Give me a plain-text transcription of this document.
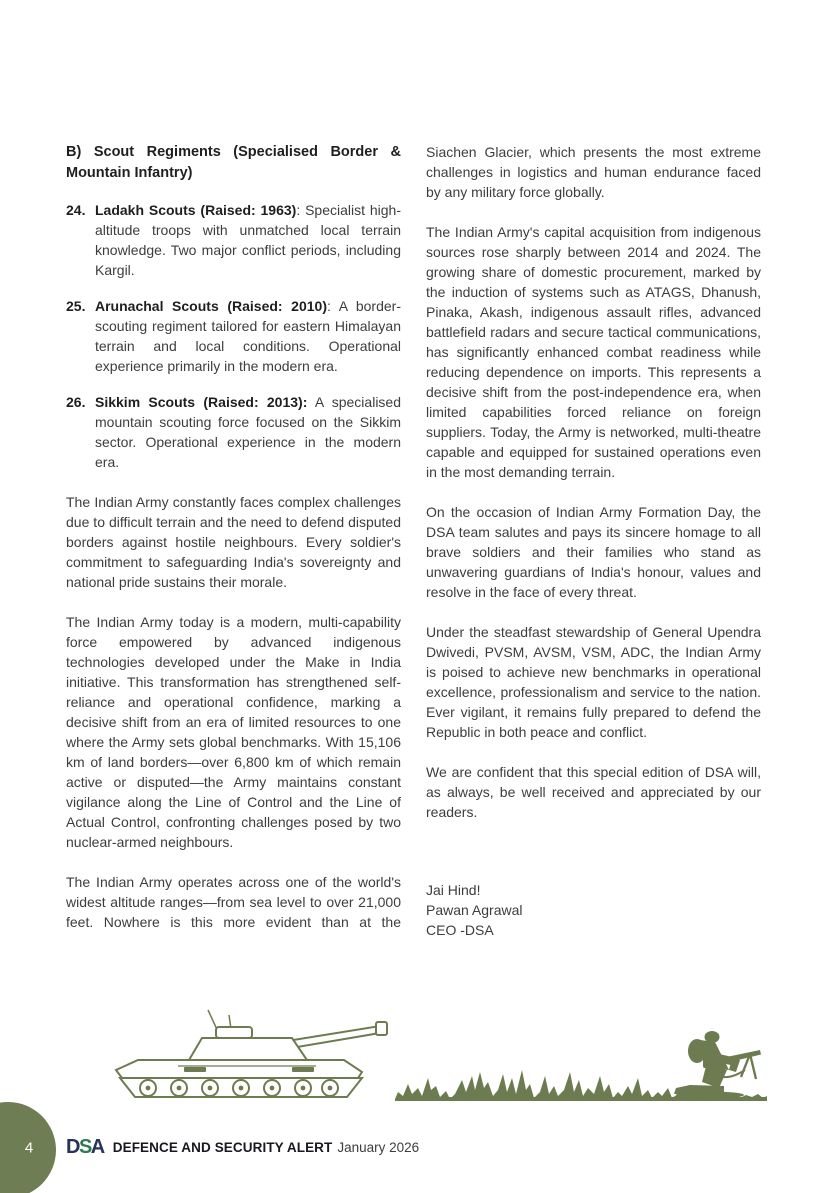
B) Scout Regiments (Specialised Border & Mountain Infantry)
24. Ladakh Scouts (Raised: 1963): Specialist high-altitude troops with unmatched local terrain knowledge. Two major conflict periods, including Kargil.
25. Arunachal Scouts (Raised: 2010): A border-scouting regiment tailored for eastern Himalayan terrain and local conditions. Operational experience primarily in the modern era.
26. Sikkim Scouts (Raised: 2013): A specialised mountain scouting force focused on the Sikkim sector. Operational experience in the modern era.

The Indian Army constantly faces complex challenges due to difficult terrain and the need to defend disputed borders against hostile neighbours. Every soldier's commitment to safeguarding India's sovereignty and national pride sustains their morale.

The Indian Army today is a modern, multi-capability force empowered by advanced indigenous technologies developed under the Make in India initiative. This transformation has strengthened self-reliance and operational confidence, marking a decisive shift from an era of limited resources to one where the Army sets global benchmarks. With 15,106 km of land borders—over 6,800 km of which remain active or disputed—the Army maintains constant vigilance along the Line of Control and the Line of Actual Control, confronting challenges posed by two nuclear-armed neighbours.

The Indian Army operates across one of the world's widest altitude ranges—from sea level to over 21,000 feet. Nowhere is this more evident than at the

Siachen Glacier, which presents the most extreme challenges in logistics and human endurance faced by any military force globally.

The Indian Army's capital acquisition from indigenous sources rose sharply between 2014 and 2024. The growing share of domestic procurement, marked by the induction of systems such as ATAGS, Dhanush, Pinaka, Akash, indigenous assault rifles, advanced battlefield radars and secure tactical communications, has significantly enhanced combat readiness while reducing dependence on imports. This represents a decisive shift from the post-independence era, when limited capabilities forced reliance on foreign suppliers. Today, the Army is networked, multi-theatre capable and equipped for sustained operations even in the most demanding terrain.

On the occasion of Indian Army Formation Day, the DSA team salutes and pays its sincere homage to all brave soldiers and their families who stand as unwavering guardians of India's honour, values and resolve in the face of every threat.

Under the steadfast stewardship of General Upendra Dwivedi, PVSM, AVSM, VSM, ADC, the Indian Army is poised to achieve new benchmarks in operational excellence, professionalism and service to the nation. Ever vigilant, it remains fully prepared to defend the Republic in both peace and conflict.

We are confident that this special edition of DSA will, as always, be well received and appreciated by our readers.

Jai Hind!

Pawan Agrawal

CEO -DSA

4 DSA DEFENCE AND SECURITY ALERT January 2026
